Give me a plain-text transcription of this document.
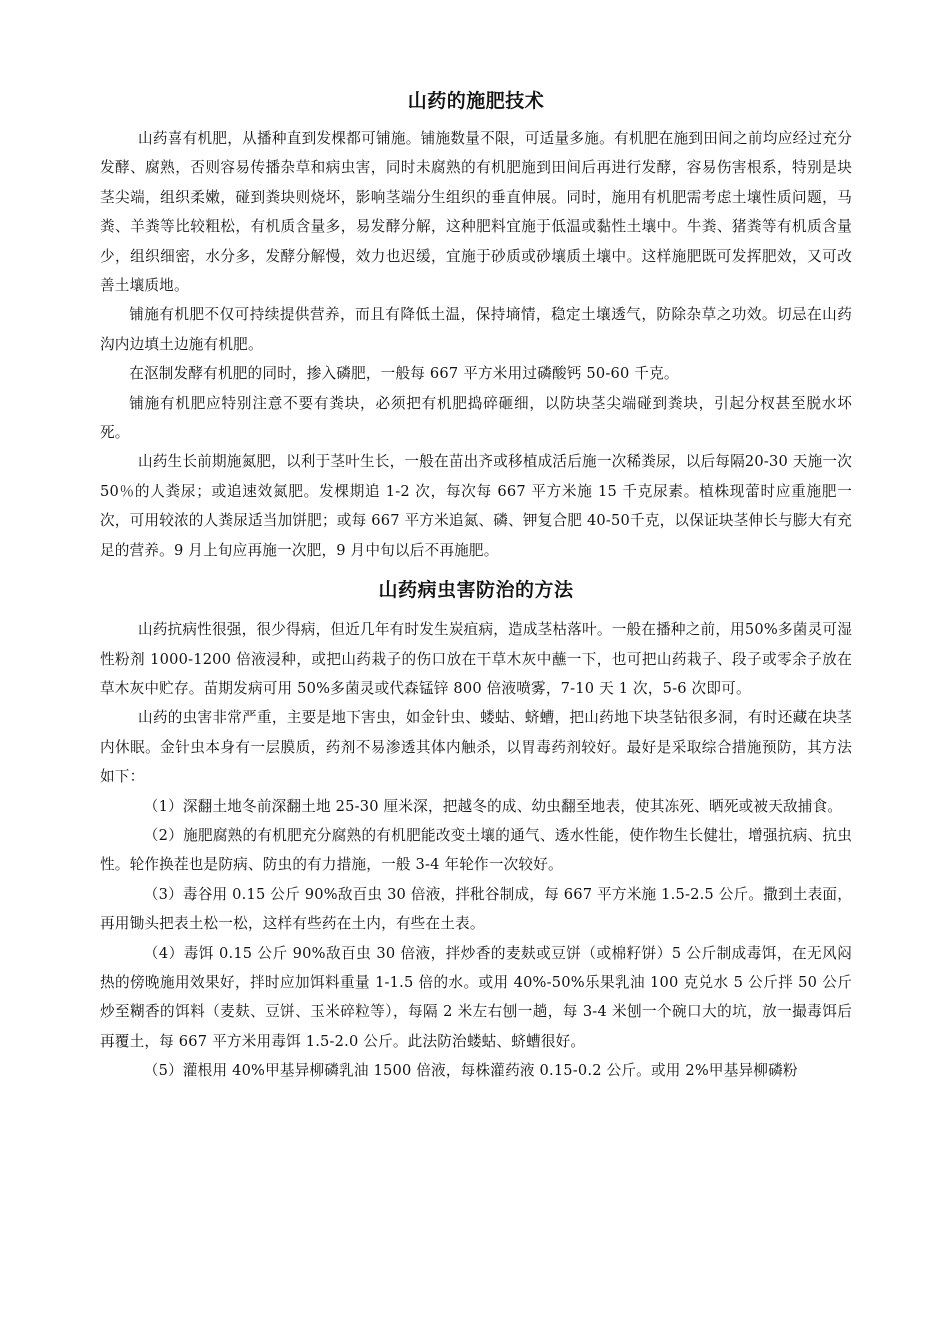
山药的施肥技术

山药喜有机肥，从播种直到发棵都可铺施。铺施数量不限，可适量多施。有机肥在施到田间之前均应经过充分发酵、腐熟，否则容易传播杂草和病虫害，同时未腐熟的有机肥施到田间后再进行发酵，容易伤害根系，特别是块茎尖端，组织柔嫩，碰到粪块则烧坏，影响茎端分生组织的垂直伸展。同时，施用有机肥需考虑土壤性质问题，马粪、羊粪等比较粗松，有机质含量多，易发酵分解，这种肥料宜施于低温或黏性土壤中。牛粪、猪粪等有机质含量少，组织细密，水分多，发酵分解慢，效力也迟缓，宜施于砂质或砂壤质土壤中。这样施肥既可发挥肥效，又可改善土壤质地。

铺施有机肥不仅可持续提供营养，而且有降低土温，保持墒情，稳定土壤透气，防除杂草之功效。切忌在山药沟内边填土边施有机肥。

在沤制发酵有机肥的同时，掺入磷肥，一般每 667 平方米用过磷酸钙 50-60 千克。

铺施有机肥应特别注意不要有粪块，必须把有机肥捣碎砸细，以防块茎尖端碰到粪块，引起分杈甚至脱水坏死。

山药生长前期施氮肥，以利于茎叶生长，一般在苗出齐或移植成活后施一次稀粪尿，以后每隔20-30 天施一次 50％的人粪尿；或追速效氮肥。发棵期追 1-2 次，每次每 667 平方米施 15 千克尿素。植株现蕾时应重施肥一次，可用较浓的人粪尿适当加饼肥；或每 667 平方米追氮、磷、钾复合肥 40-50千克，以保证块茎伸长与膨大有充足的营养。9 月上旬应再施一次肥，9 月中旬以后不再施肥。

山药病虫害防治的方法

山药抗病性很强，很少得病，但近几年有时发生炭疽病，造成茎枯落叶。一般在播种之前，用50%多菌灵可湿性粉剂 1000-1200 倍液浸种，或把山药栽子的伤口放在干草木灰中蘸一下，也可把山药栽子、段子或零余子放在草木灰中贮存。苗期发病可用 50%多菌灵或代森锰锌 800 倍液喷雾，7-10 天 1 次，5-6 次即可。

山药的虫害非常严重，主要是地下害虫，如金针虫、蝼蛄、蛴螬，把山药地下块茎钻很多洞，有时还藏在块茎内休眠。金针虫本身有一层膜质，药剂不易渗透其体内触杀，以胃毒药剂较好。最好是采取综合措施预防，其方法如下：

（1）深翻土地冬前深翻土地 25-30 厘米深，把越冬的成、幼虫翻至地表，使其冻死、晒死或被天敌捕食。

（2）施肥腐熟的有机肥充分腐熟的有机肥能改变土壤的通气、透水性能，使作物生长健壮，增强抗病、抗虫性。轮作换茬也是防病、防虫的有力措施，一般 3-4 年轮作一次较好。

（3）毒谷用 0.15 公斤 90%敌百虫 30 倍液，拌秕谷制成，每 667 平方米施 1.5-2.5 公斤。撒到土表面，再用锄头把表土松一松，这样有些药在土内，有些在土表。

（4）毒饵 0.15 公斤 90%敌百虫 30 倍液，拌炒香的麦麸或豆饼（或棉籽饼）5 公斤制成毒饵，在无风闷热的傍晚施用效果好，拌时应加饵料重量 1-1.5 倍的水。或用 40%-50%乐果乳油 100 克兑水 5 公斤拌 50 公斤炒至糊香的饵料（麦麸、豆饼、玉米碎粒等），每隔 2 米左右刨一趟，每 3-4 米刨一个碗口大的坑，放一撮毒饵后再覆土，每 667 平方米用毒饵 1.5-2.0 公斤。此法防治蝼蛄、蛴螬很好。

（5）灌根用 40%甲基异柳磷乳油 1500 倍液，每株灌药液 0.15-0.2 公斤。或用 2%甲基异柳磷粉
